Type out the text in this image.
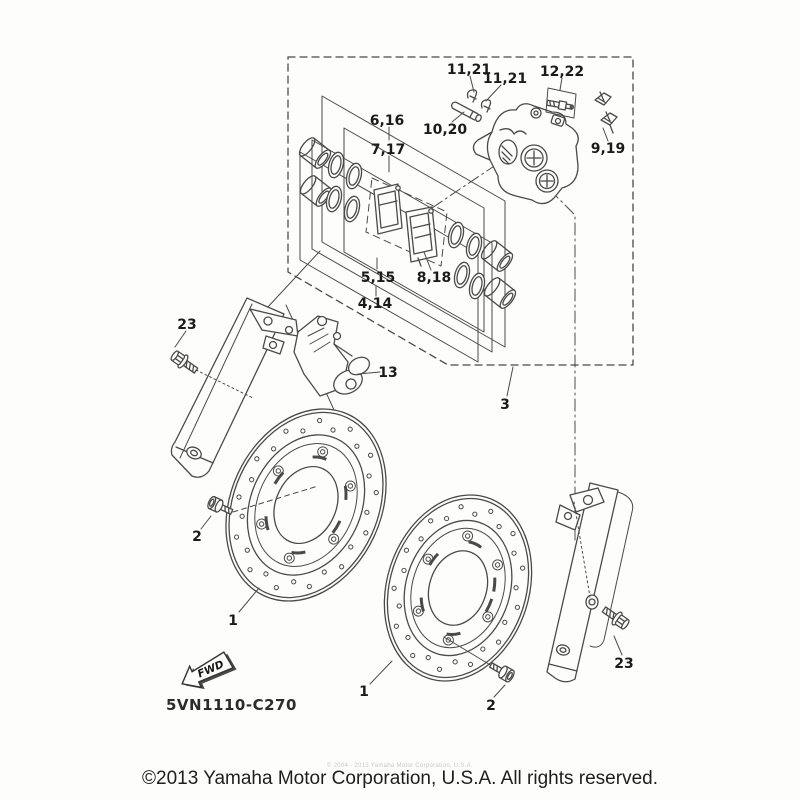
11,21
11,21 12,22
10,20
9,19
6,16
7,17
5,15
4,14
8,18
3
13
23
2
1
1
2
23
FWD
5VN1110-C270
© 2004 - 2013 Yamaha Motor Corporation, U.S.A.
©2013 Yamaha Motor Corporation, U.S.A. All rights reserved.
